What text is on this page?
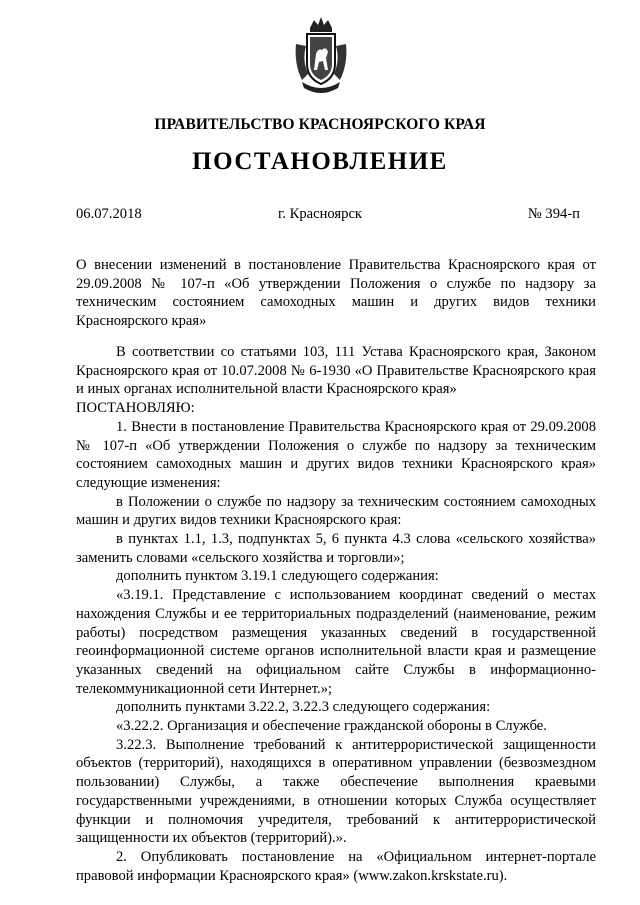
ПРАВИТЕЛЬСТВО КРАСНОЯРСКОГО КРАЯ
ПОСТАНОВЛЕНИЕ
06.07.2018	г. Красноярск	№ 394-п
О внесении изменений в постановление Правительства Красноярского края от 29.09.2008 № 107-п «Об утверждении Положения о службе по надзору за техническим состоянием самоходных машин и других видов техники Красноярского края»

В соответствии со статьями 103, 111 Устава Красноярского края, Законом Красноярского края от 10.07.2008 № 6-1930 «О Правительстве Красноярского края и иных органах исполнительной власти Красноярского края»

ПОСТАНОВЛЯЮ:

1. Внести в постановление Правительства Красноярского края от 29.09.2008 № 107-п «Об утверждении Положения о службе по надзору за техническим состоянием самоходных машин и других видов техники Красноярского края» следующие изменения:

в Положении о службе по надзору за техническим состоянием самоходных машин и других видов техники Красноярского края:

в пунктах 1.1, 1.3, подпунктах 5, 6 пункта 4.3 слова «сельского хозяйства» заменить словами «сельского хозяйства и торговли»;

дополнить пунктом 3.19.1 следующего содержания:

«3.19.1. Представление с использованием координат сведений о местах нахождения Службы и ее территориальных подразделений (наименование, режим работы) посредством размещения указанных сведений в государственной геоинформационной системе органов исполнительной власти края и размещение указанных сведений на официальном сайте Службы в информационно-телекоммуникационной сети Интернет.»;

дополнить пунктами 3.22.2, 3.22.3 следующего содержания:

«3.22.2. Организация и обеспечение гражданской обороны в Службе.

3.22.3. Выполнение требований к антитеррористической защищенности объектов (территорий), находящихся в оперативном управлении (безвозмездном пользовании) Службы, а также обеспечение выполнения краевыми государственными учреждениями, в отношении которых Служба осуществляет функции и полномочия учредителя, требований к антитеррористической защищенности их объектов (территорий).».

2. Опубликовать постановление на «Официальном интернет-портале правовой информации Красноярского края» (www.zakon.krskstate.ru).
